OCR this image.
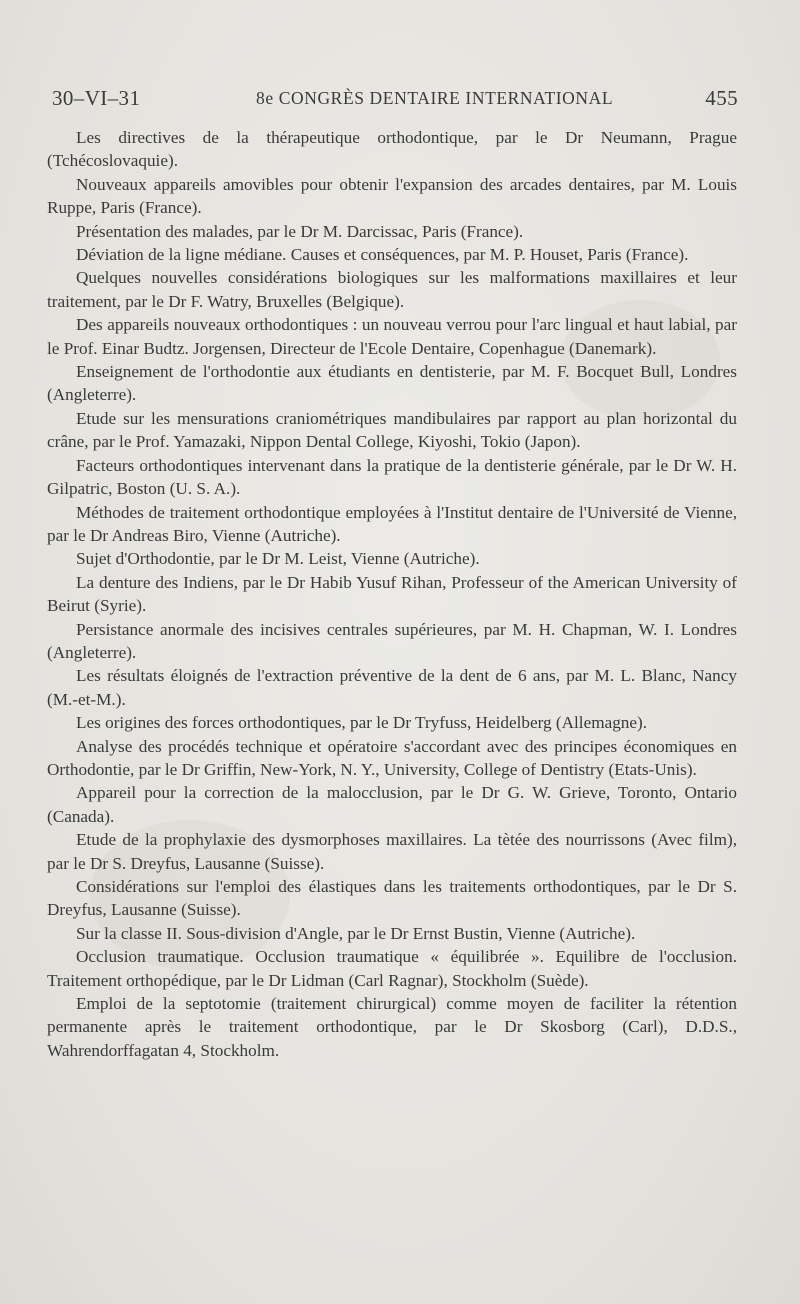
30–VI–31	8e CONGRÈS DENTAIRE INTERNATIONAL	455

Les directives de la thérapeutique orthodontique, par le Dr Neumann, Prague (Tchécoslovaquie).

Nouveaux appareils amovibles pour obtenir l'expansion des arcades dentaires, par M. Louis Ruppe, Paris (France).

Présentation des malades, par le Dr M. Darcissac, Paris (France).

Déviation de la ligne médiane. Causes et conséquences, par M. P. Houset, Paris (France).

Quelques nouvelles considérations biologiques sur les malformations maxillaires et leur traitement, par le Dr F. Watry, Bruxelles (Belgique).

Des appareils nouveaux orthodontiques : un nouveau verrou pour l'arc lingual et haut labial, par le Prof. Einar Budtz. Jorgensen, Directeur de l'Ecole Dentaire, Copenhague (Danemark).

Enseignement de l'orthodontie aux étudiants en dentisterie, par M. F. Bocquet Bull, Londres (Angleterre).

Etude sur les mensurations craniométriques mandibulaires par rapport au plan horizontal du crâne, par le Prof. Yamazaki, Nippon Dental College, Kiyoshi, Tokio (Japon).

Facteurs orthodontiques intervenant dans la pratique de la dentisterie générale, par le Dr W. H. Gilpatric, Boston (U. S. A.).

Méthodes de traitement orthodontique employées à l'Institut dentaire de l'Université de Vienne, par le Dr Andreas Biro, Vienne (Autriche).

Sujet d'Orthodontie, par le Dr M. Leist, Vienne (Autriche).

La denture des Indiens, par le Dr Habib Yusuf Rihan, Professeur of the American University of Beirut (Syrie).

Persistance anormale des incisives centrales supérieures, par M. H. Chapman, W. I. Londres (Angleterre).

Les résultats éloignés de l'extraction préventive de la dent de 6 ans, par M. L. Blanc, Nancy (M.-et-M.).

Les origines des forces orthodontiques, par le Dr Tryfuss, Heidelberg (Allemagne).

Analyse des procédés technique et opératoire s'accordant avec des principes économiques en Orthodontie, par le Dr Griffin, New-York, N. Y., University, College of Dentistry (Etats-Unis).

Appareil pour la correction de la malocclusion, par le Dr G. W. Grieve, Toronto, Ontario (Canada).

Etude de la prophylaxie des dysmorphoses maxillaires. La tètée des nourrissons (Avec film), par le Dr S. Dreyfus, Lausanne (Suisse).

Considérations sur l'emploi des élastiques dans les traitements orthodontiques, par le Dr S. Dreyfus, Lausanne (Suisse).

Sur la classe II. Sous-division d'Angle, par le Dr Ernst Bustin, Vienne (Autriche).

Occlusion traumatique. Occlusion traumatique « équilibrée ». Equilibre de l'occlusion. Traitement orthopédique, par le Dr Lidman (Carl Ragnar), Stockholm (Suède).

Emploi de la septotomie (traitement chirurgical) comme moyen de faciliter la rétention permanente après le traitement orthodontique, par le Dr Skosborg (Carl), D.D.S., Wahrendorffagatan 4, Stockholm.
